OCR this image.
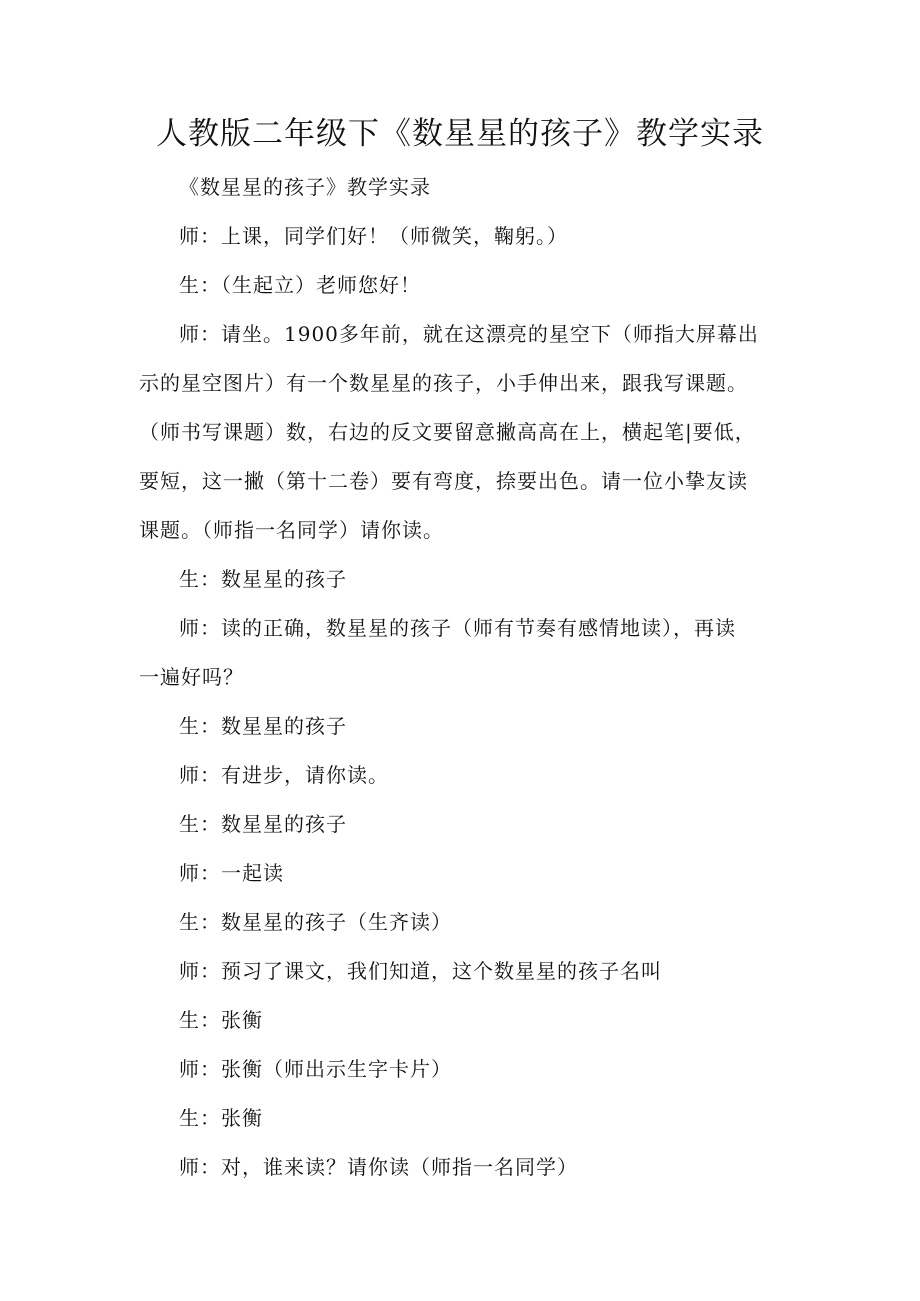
人教版二年级下《数星星的孩子》教学实录

《数星星的孩子》教学实录

师：上课，同学们好！（师微笑，鞠躬。）

生：（生起立）老师您好！

师：请坐。1900多年前，就在这漂亮的星空下（师指大屏幕出
示的星空图片）有一个数星星的孩子，小手伸出来，跟我写课题。
（师书写课题）数，右边的反文要留意撇高高在上，横起笔|要低，
要短，这一撇（第十二卷）要有弯度，捺要出色。请一位小挚友读
课题。（师指一名同学）请你读。

生：数星星的孩子

师：读的正确，数星星的孩子（师有节奏有感情地读），再读
一遍好吗？

生：数星星的孩子

师：有进步，请你读。

生：数星星的孩子

师：一起读

生：数星星的孩子（生齐读）

师：预习了课文，我们知道，这个数星星的孩子名叫

生：张衡

师：张衡（师出示生字卡片）

生：张衡

师：对，谁来读？请你读（师指一名同学）
